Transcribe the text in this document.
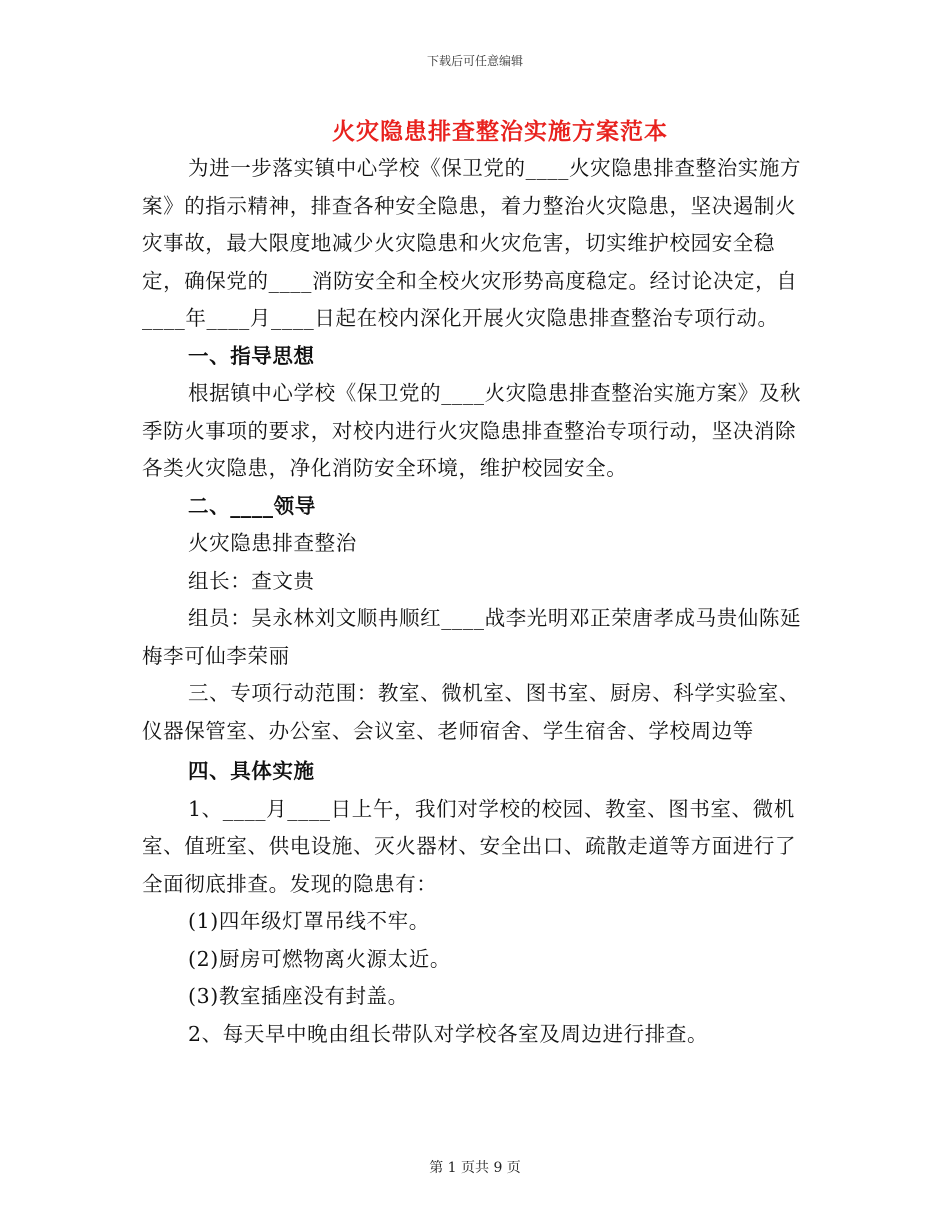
下载后可任意编辑
火灾隐患排查整治实施方案范本

为进一步落实镇中心学校《保卫党的____火灾隐患排查整治实施方案》的指示精神，排查各种安全隐患，着力整治火灾隐患，坚决遏制火灾事故，最大限度地减少火灾隐患和火灾危害，切实维护校园安全稳定，确保党的____消防安全和全校火灾形势高度稳定。经讨论决定，自____年____月____日起在校内深化开展火灾隐患排查整治专项行动。

一、指导思想

根据镇中心学校《保卫党的____火灾隐患排查整治实施方案》及秋季防火事项的要求，对校内进行火灾隐患排查整治专项行动，坚决消除各类火灾隐患，净化消防安全环境，维护校园安全。

二、____领导

火灾隐患排查整治

组长：查文贵

组员：吴永林刘文顺冉顺红____战李光明邓正荣唐孝成马贵仙陈延梅李可仙李荣丽

三、专项行动范围：教室、微机室、图书室、厨房、科学实验室、仪器保管室、办公室、会议室、老师宿舍、学生宿舍、学校周边等

四、具体实施

1、____月____日上午，我们对学校的校园、教室、图书室、微机室、值班室、供电设施、灭火器材、安全出口、疏散走道等方面进行了全面彻底排查。发现的隐患有：

(1)四年级灯罩吊线不牢。

(2)厨房可燃物离火源太近。

(3)教室插座没有封盖。

2、每天早中晚由组长带队对学校各室及周边进行排查。

第 1 页共 9 页
